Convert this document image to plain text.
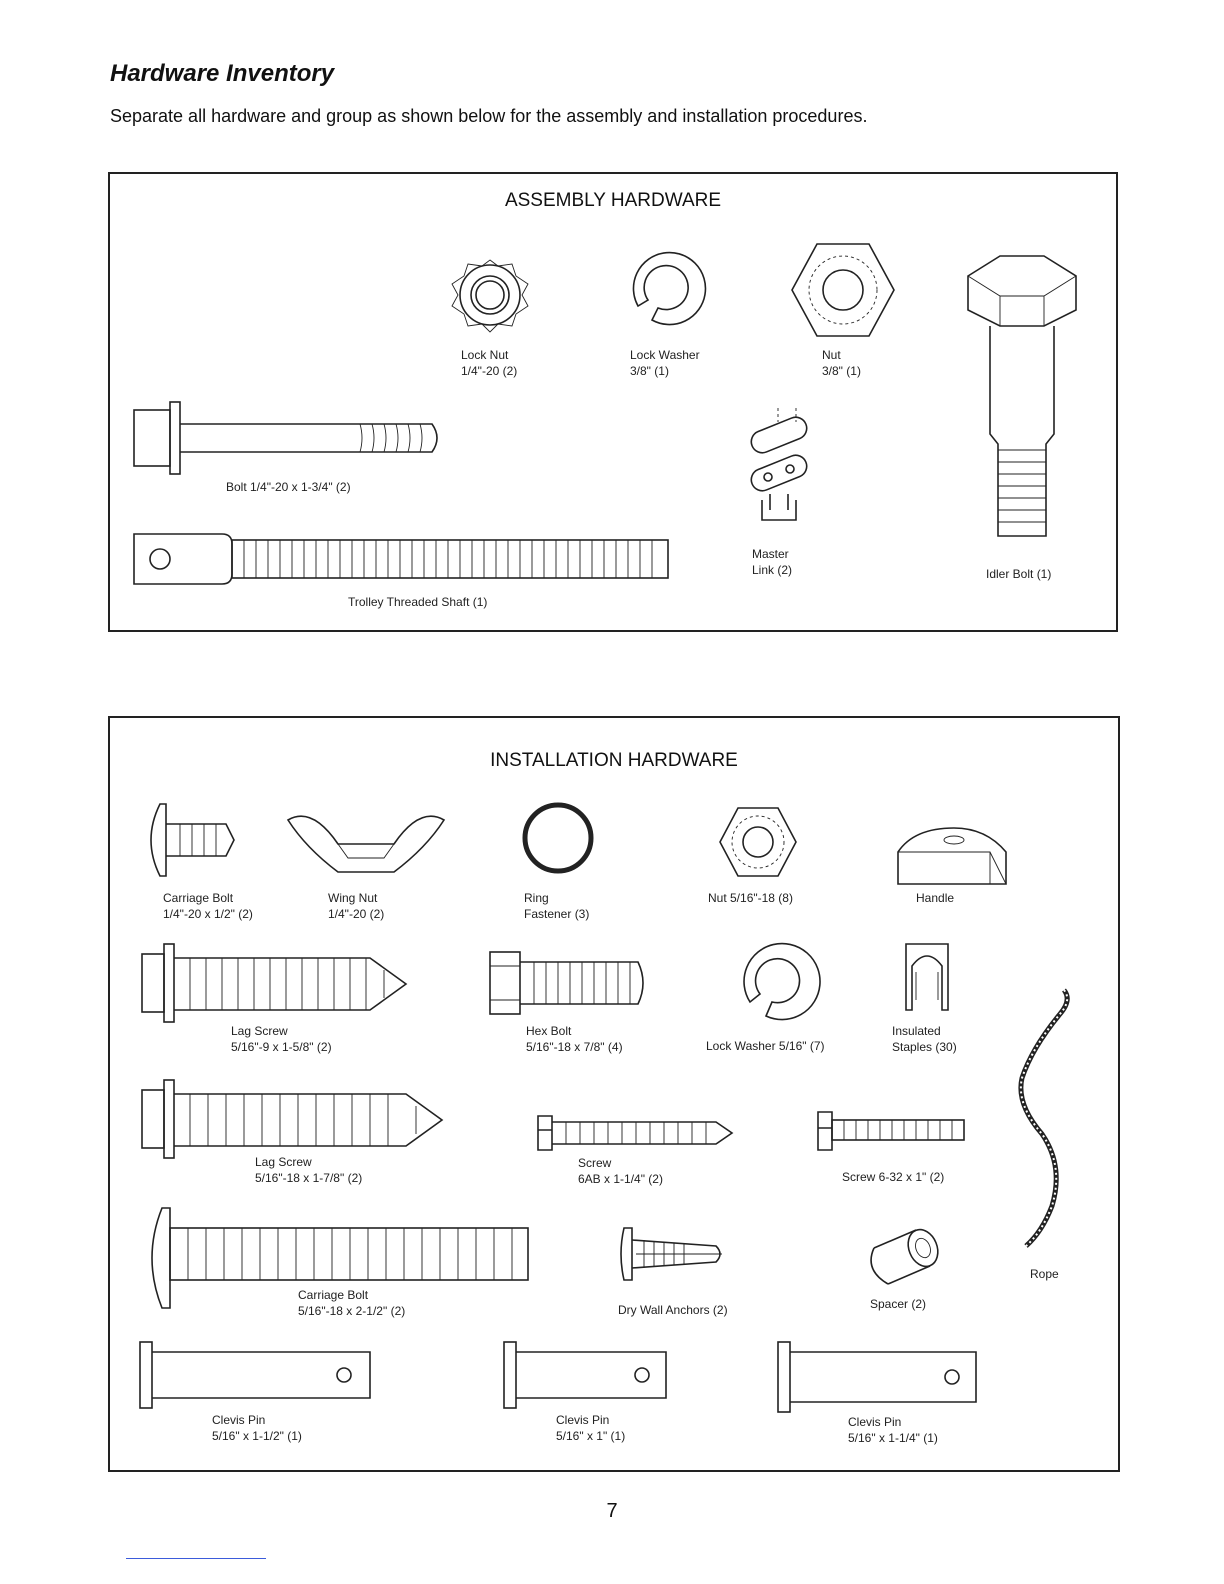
Hardware Inventory
Separate all hardware and group as shown below for the assembly and installation procedures.
ASSEMBLY HARDWARE
Lock Nut
1/4"-20 (2)
Lock Washer
3/8" (1)
Nut
3/8" (1)
Idler Bolt (1)
Bolt 1/4"-20 x 1-3/4" (2)
Master
Link (2)
Trolley Threaded Shaft (1)
INSTALLATION HARDWARE
Carriage Bolt
1/4"-20 x 1/2" (2)
Wing Nut
1/4"-20 (2)
Ring
Fastener (3)
Nut 5/16"-18 (8)	Handle
Lag Screw
5/16"-9 x 1-5/8" (2)
Hex Bolt
5/16"-18 x 7/8" (4)	Lock Washer 5/16" (7)
Insulated
Staples (30)
Rope
Lag Screw
5/16"-18 x 1-7/8" (2)
Screw
6AB x 1-1/4" (2)	Screw 6-32 x 1" (2)
Carriage Bolt
5/16"-18 x 2-1/2" (2)	Dry Wall Anchors (2)	Spacer (2)
Clevis Pin
5/16" x 1-1/2" (1)
Clevis Pin
5/16" x 1" (1)
Clevis Pin
5/16" x 1-1/4" (1)
7
